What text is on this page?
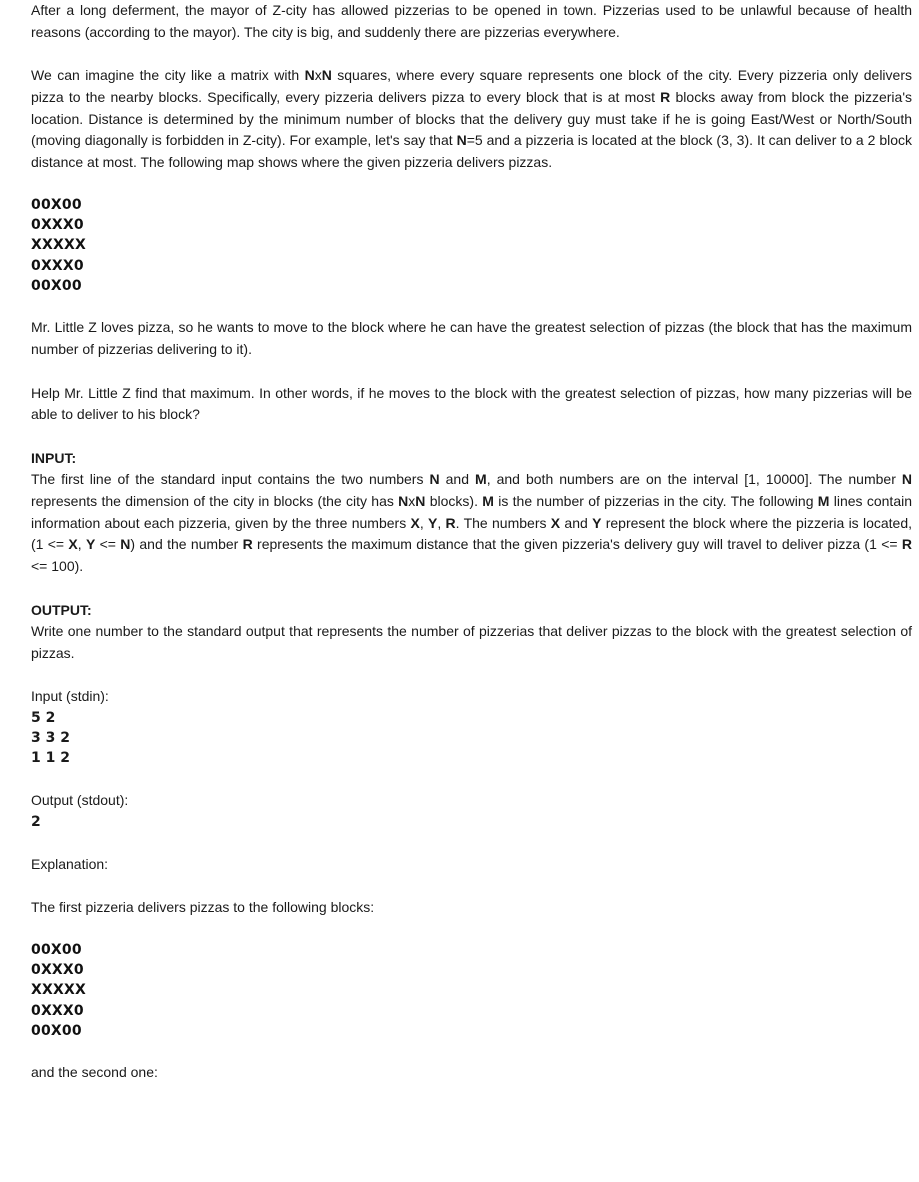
After a long deferment, the mayor of Z-city has allowed pizzerias to be opened in town. Pizzerias used to be unlawful because of health reasons (according to the mayor). The city is big, and suddenly there are pizzerias everywhere.

We can imagine the city like a matrix with NxN squares, where every square represents one block of the city. Every pizzeria only delivers pizza to the nearby blocks. Specifically, every pizzeria delivers pizza to every block that is at most R blocks away from block the pizzeria's location. Distance is determined by the minimum number of blocks that the delivery guy must take if he is going East/West or North/South (moving diagonally is forbidden in Z-city). For example, let's say that N=5 and a pizzeria is located at the block (3, 3). It can deliver to a 2 block distance at most. The following map shows where the given pizzeria delivers pizzas.

00X00
0XXX0
XXXXX
0XXX0
00X00

Mr. Little Z loves pizza, so he wants to move to the block where he can have the greatest selection of pizzas (the block that has the maximum number of pizzerias delivering to it).

Help Mr. Little Z find that maximum. In other words, if he moves to the block with the greatest selection of pizzas, how many pizzerias will be able to deliver to his block?

INPUT:

The first line of the standard input contains the two numbers N and M, and both numbers are on the interval [1, 10000]. The number N represents the dimension of the city in blocks (the city has NxN blocks). M is the number of pizzerias in the city. The following M lines contain information about each pizzeria, given by the three numbers X, Y, R. The numbers X and Y represent the block where the pizzeria is located, (1 <= X, Y <= N) and the number R represents the maximum distance that the given pizzeria's delivery guy will travel to deliver pizza (1 <= R <= 100).

OUTPUT:

Write one number to the standard output that represents the number of pizzerias that deliver pizzas to the block with the greatest selection of pizzas.

Input (stdin):

5 2
3 3 2
1 1 2

Output (stdout):

2

Explanation:

The first pizzeria delivers pizzas to the following blocks:

00X00
0XXX0
XXXXX
0XXX0
00X00

and the second one:
